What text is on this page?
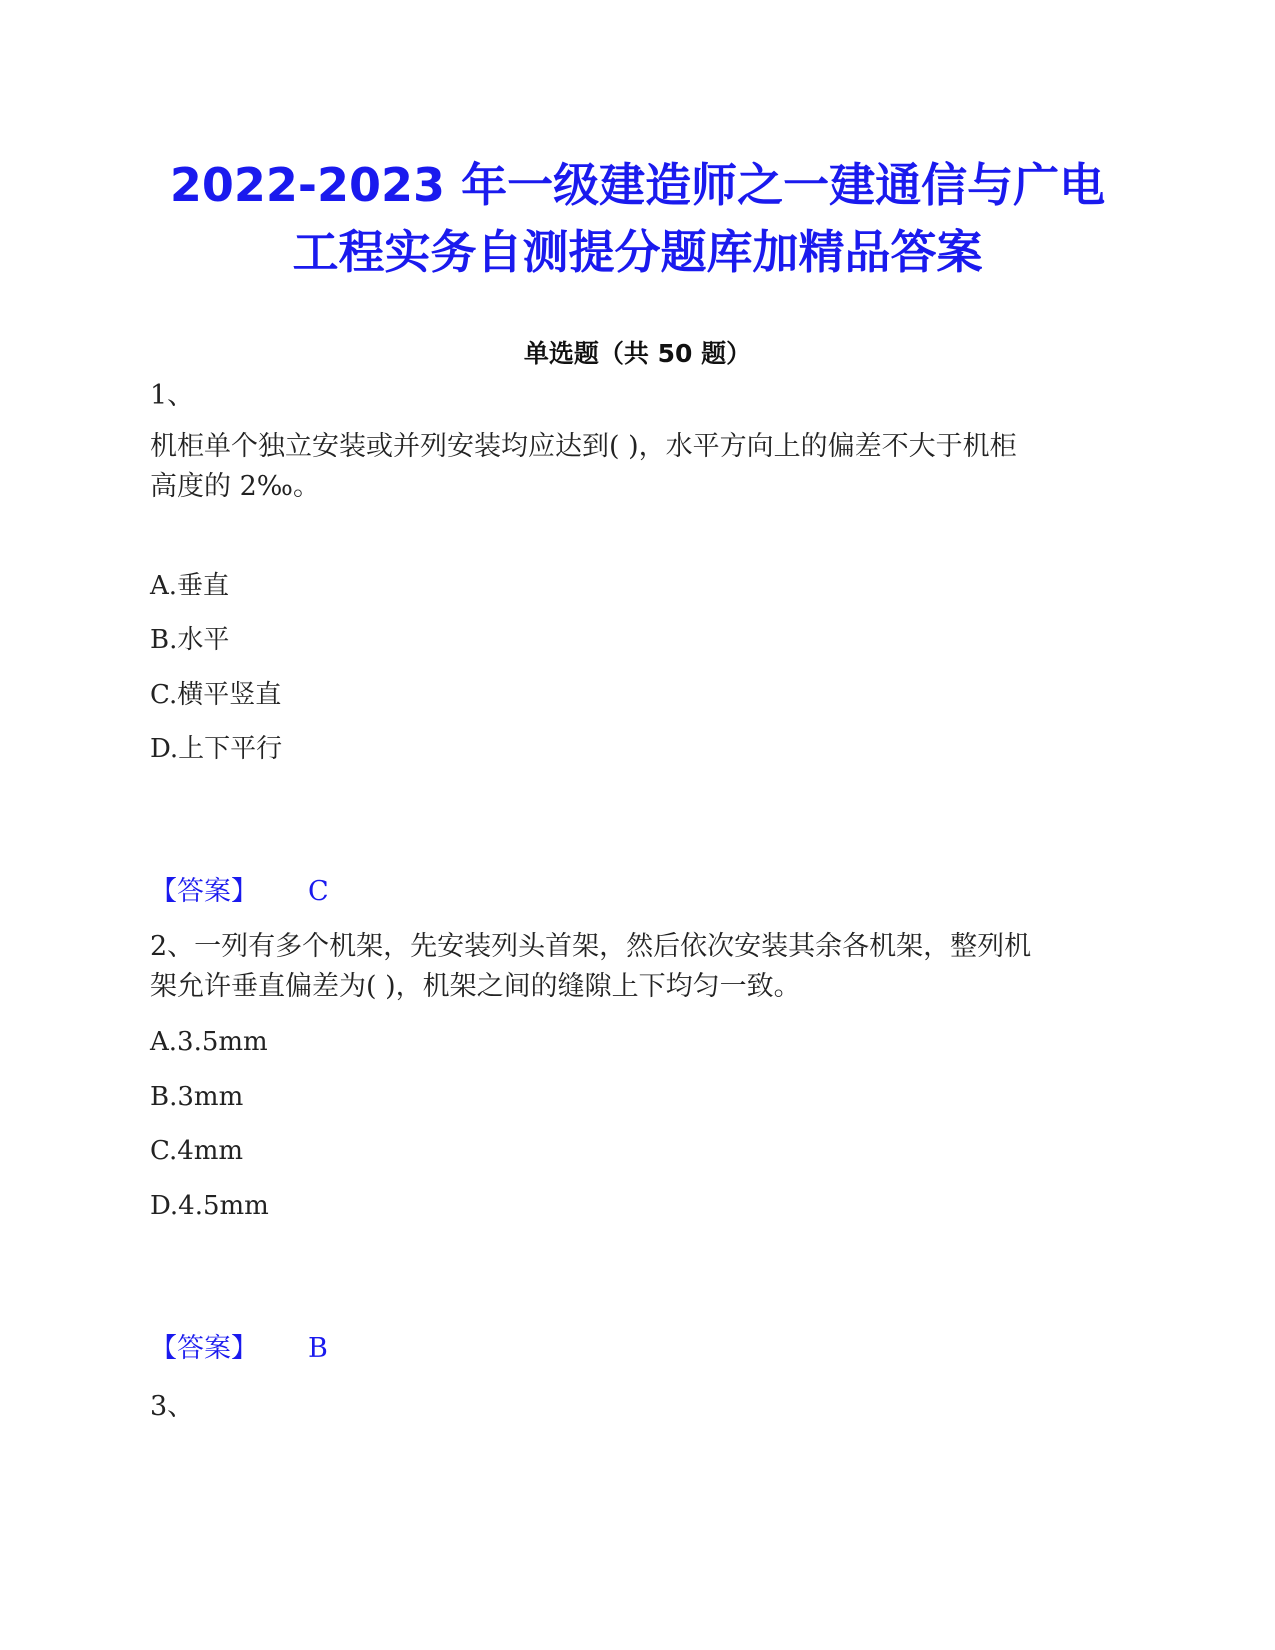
2022-2023 年一级建造师之一建通信与广电
工程实务自测提分题库加精品答案
单选题（共 50 题）
1、
机柜单个独立安装或并列安装均应达到( )，水平方向上的偏差不大于机柜
高度的 2‰。
A.垂直
B.水平
C.横平竖直
D.上下平行
【答案】 C
2、一列有多个机架，先安装列头首架，然后依次安装其余各机架，整列机
架允许垂直偏差为( )，机架之间的缝隙上下均匀一致。
A.3.5mm
B.3mm
C.4mm
D.4.5mm
【答案】 B
3、
